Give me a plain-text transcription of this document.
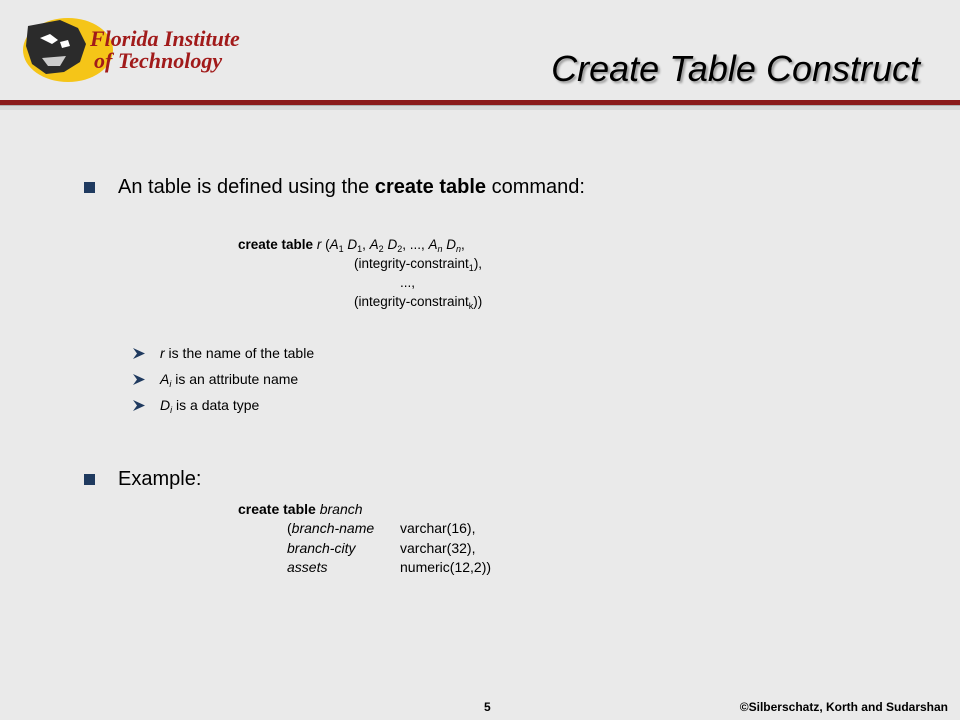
Florida Institute
of Technology	Create Table Construct
An table is defined using the create table command:
create table r ($A_1$ $D_1$, $A_2$ $D_2$, ..., $A_n$ $D_n$,
(integrity-constraint$_1$),
...,
(integrity-constraint$_k$))
r is the name of the table
$A_i$ is an attribute name
$D_i$ is a data type
Example:
create table branch
(branch-name varchar(16),
branch-city	varchar(32),
assets	numeric(12,2))
5	©Silberschatz, Korth and Sudarshan
